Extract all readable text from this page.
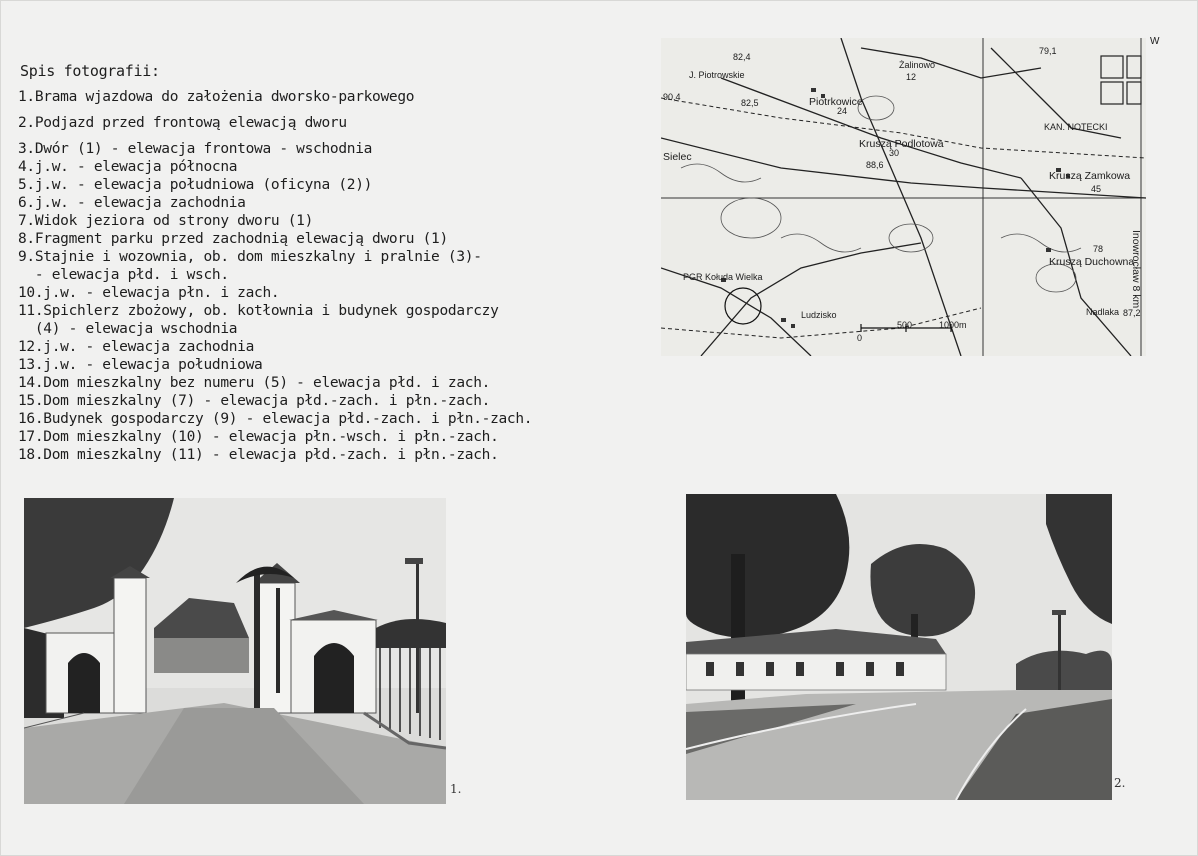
Spis fotografii:
1.Brama wjazdowa do założenia dworsko-parkowego
2.Podjazd przed frontową elewacją dworu
3.Dwór (1) - elewacja frontowa - wschodnia
4.j.w. - elewacja północna
5.j.w. - elewacja południowa (oficyna (2))
6.j.w. - elewacja zachodnia
7.Widok jeziora od strony dworu (1)
8.Fragment parku przed zachodnią elewacją dworu (1)
9.Stajnie i wozownia, ob. dom mieszkalny i pralnie (3)-
- elewacja płd. i wsch.
10.j.w. - elewacja płn. i zach.
11.Spichlerz zbożowy, ob. kotłownia i budynek gospodarczy
(4) - elewacja wschodnia
12.j.w. - elewacja zachodnia
13.j.w. - elewacja południowa
14.Dom mieszkalny bez numeru (5) - elewacja płd. i zach.
15.Dom mieszkalny (7) - elewacja płd.-zach. i płn.-zach.
16.Budynek gospodarczy (9) - elewacja płd.-zach. i płn.-zach.
17.Dom mieszkalny (10) - elewacja płn.-wsch. i płn.-zach.
18.Dom mieszkalny (11) - elewacja płd.-zach. i płn.-zach.
Żalinowo
J. Piotrowskie
Piotrkowice
Kruszą Podlotowa
Kruszą Zamkowa
Kruszą Duchowna
Sielec
PGR Kołuda Wielka
Ludzisko
KAN. NOTECKI
Nadlaka
0
500	1000m
79,1
82,4
82,5
90,4
88,6
87,2
78
45
30
24
12
Inowrocław 8 km
W
1.	2.
